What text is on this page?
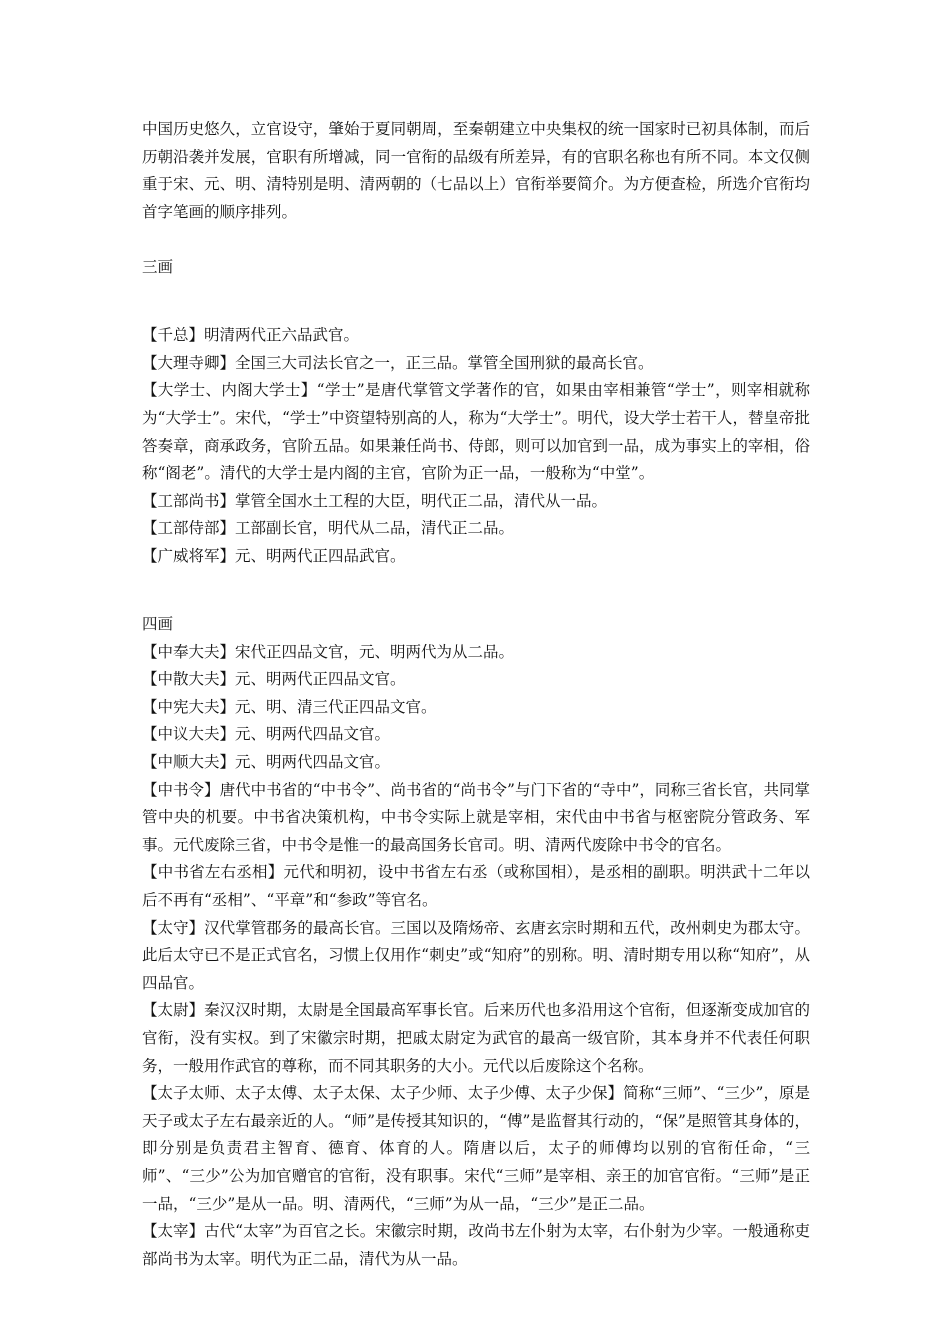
中国历史悠久，立官设守，肇始于夏同朝周，至秦朝建立中央集权的统一国家时已初具体制，而后历朝沿袭并发展，官职有所增减，同一官衔的品级有所差异，有的官职名称也有所不同。本文仅侧重于宋、元、明、清特别是明、清两朝的（七品以上）官衔举要简介。为方便查检，所选介官衔均首字笔画的顺序排列。

三画

【千总】明清两代正六品武官。

【大理寺卿】全国三大司法长官之一，正三品。掌管全国刑狱的最高长官。

【大学士、内阁大学士】“学士”是唐代掌管文学著作的官，如果由宰相兼管“学士”，则宰相就称为“大学士”。宋代，“学士”中资望特别高的人，称为“大学士”。明代，设大学士若干人，替皇帝批答奏章，商承政务，官阶五品。如果兼任尚书、侍郎，则可以加官到一品，成为事实上的宰相，俗称“阁老”。清代的大学士是内阁的主官，官阶为正一品，一般称为“中堂”。

【工部尚书】掌管全国水土工程的大臣，明代正二品，清代从一品。

【工部侍部】工部副长官，明代从二品，清代正二品。

【广威将军】元、明两代正四品武官。

四画

【中奉大夫】宋代正四品文官，元、明两代为从二品。

【中散大夫】元、明两代正四品文官。

【中宪大夫】元、明、清三代正四品文官。

【中议大夫】元、明两代四品文官。

【中顺大夫】元、明两代四品文官。

【中书令】唐代中书省的“中书令”、尚书省的“尚书令”与门下省的“寺中”，同称三省长官，共同掌管中央的机要。中书省决策机构，中书令实际上就是宰相，宋代由中书省与枢密院分管政务、军事。元代废除三省，中书令是惟一的最高国务长官司。明、清两代废除中书令的官名。

【中书省左右丞相】元代和明初，设中书省左右丞（或称国相），是丞相的副职。明洪武十二年以后不再有“丞相”、“平章”和“参政”等官名。

【太守】汉代掌管郡务的最高长官。三国以及隋炀帝、玄唐玄宗时期和五代，改州刺史为郡太守。此后太守已不是正式官名，习惯上仅用作“刺史”或“知府”的别称。明、清时期专用以称“知府”，从四品官。

【太尉】秦汉汉时期，太尉是全国最高军事长官。后来历代也多沿用这个官衔，但逐渐变成加官的官衔，没有实权。到了宋徽宗时期，把戚太尉定为武官的最高一级官阶，其本身并不代表任何职务，一般用作武官的尊称，而不同其职务的大小。元代以后废除这个名称。

【太子太师、太子太傅、太子太保、太子少师、太子少傅、太子少保】简称“三师”、“三少”，原是天子或太子左右最亲近的人。“师”是传授其知识的，“傅”是监督其行动的，“保”是照管其身体的，即分别是负责君主智育、德育、体育的人。隋唐以后，太子的师傅均以别的官衔任命，“三师”、“三少”公为加官赠官的官衔，没有职事。宋代“三师”是宰相、亲王的加官官衔。“三师”是正一品，“三少”是从一品。明、清两代，“三师”为从一品，“三少”是正二品。

【太宰】古代“太宰”为百官之长。宋徽宗时期，改尚书左仆射为太宰，右仆射为少宰。一般通称吏部尚书为太宰。明代为正二品，清代为从一品。
